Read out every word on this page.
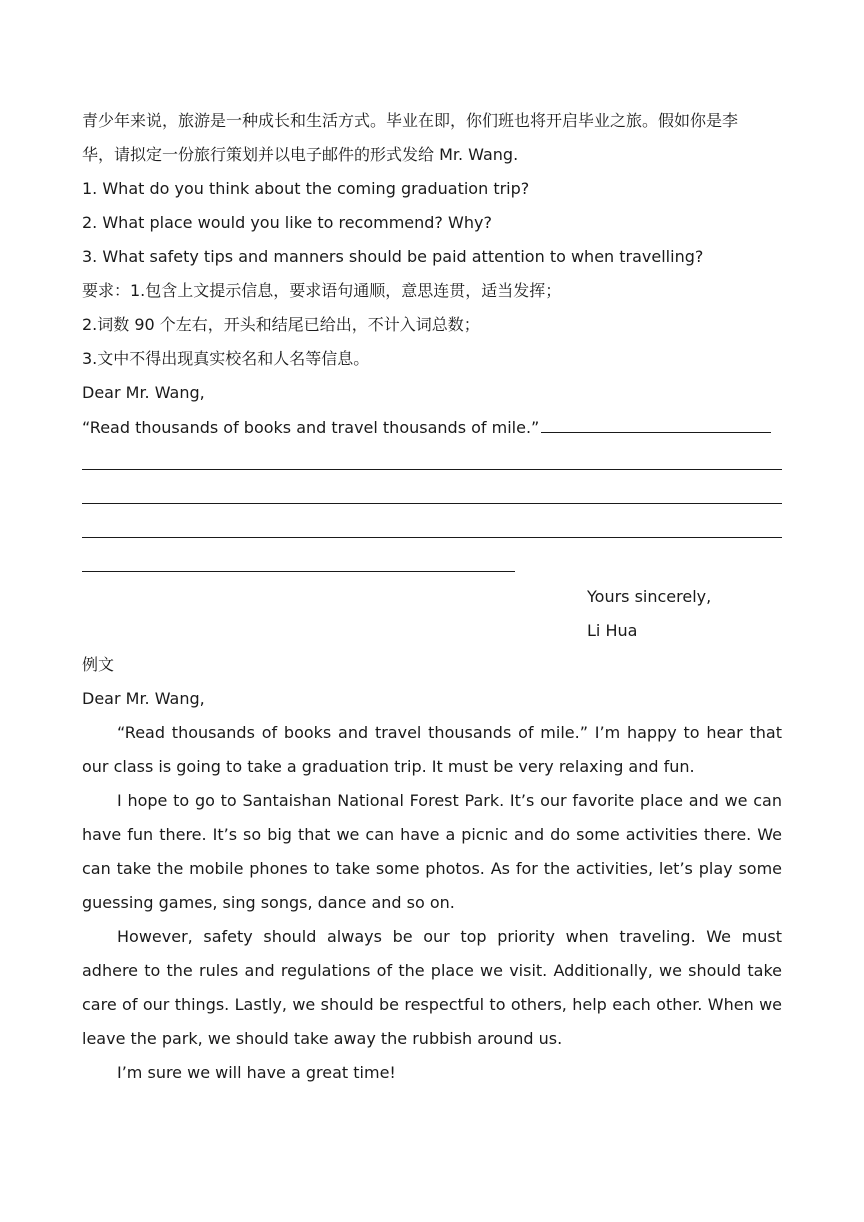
青少年来说，旅游是一种成长和生活方式。毕业在即，你们班也将开启毕业之旅。假如你是李
华，请拟定一份旅行策划并以电子邮件的形式发给 Mr. Wang.
1. What do you think about the coming graduation trip?
2. What place would you like to recommend? Why?
3. What safety tips and manners should be paid attention to when travelling?
要求：1.包含上文提示信息，要求语句通顺，意思连贯，适当发挥；
2.词数 90 个左右，开头和结尾已给出，不计入词总数；
3.文中不得出现真实校名和人名等信息。
Dear Mr. Wang,
“Read thousands of books and travel thousands of mile.”
Yours sincerely,
Li Hua
例文
Dear Mr. Wang,
“Read thousands of books and travel thousands of mile.” I’m happy to hear that our class is going to take a graduation trip. It must be very relaxing and fun.
I hope to go to Santaishan National Forest Park. It’s our favorite place and we can have fun there. It’s so big that we can have a picnic and do some activities there. We can take the mobile phones to take some photos. As for the activities, let’s play some guessing games, sing songs, dance and so on.
However, safety should always be our top priority when traveling. We must adhere to the rules and regulations of the place we visit. Additionally, we should take care of our things. Lastly, we should be respectful to others, help each other. When we leave the park, we should take away the rubbish around us.
I’m sure we will have a great time!
